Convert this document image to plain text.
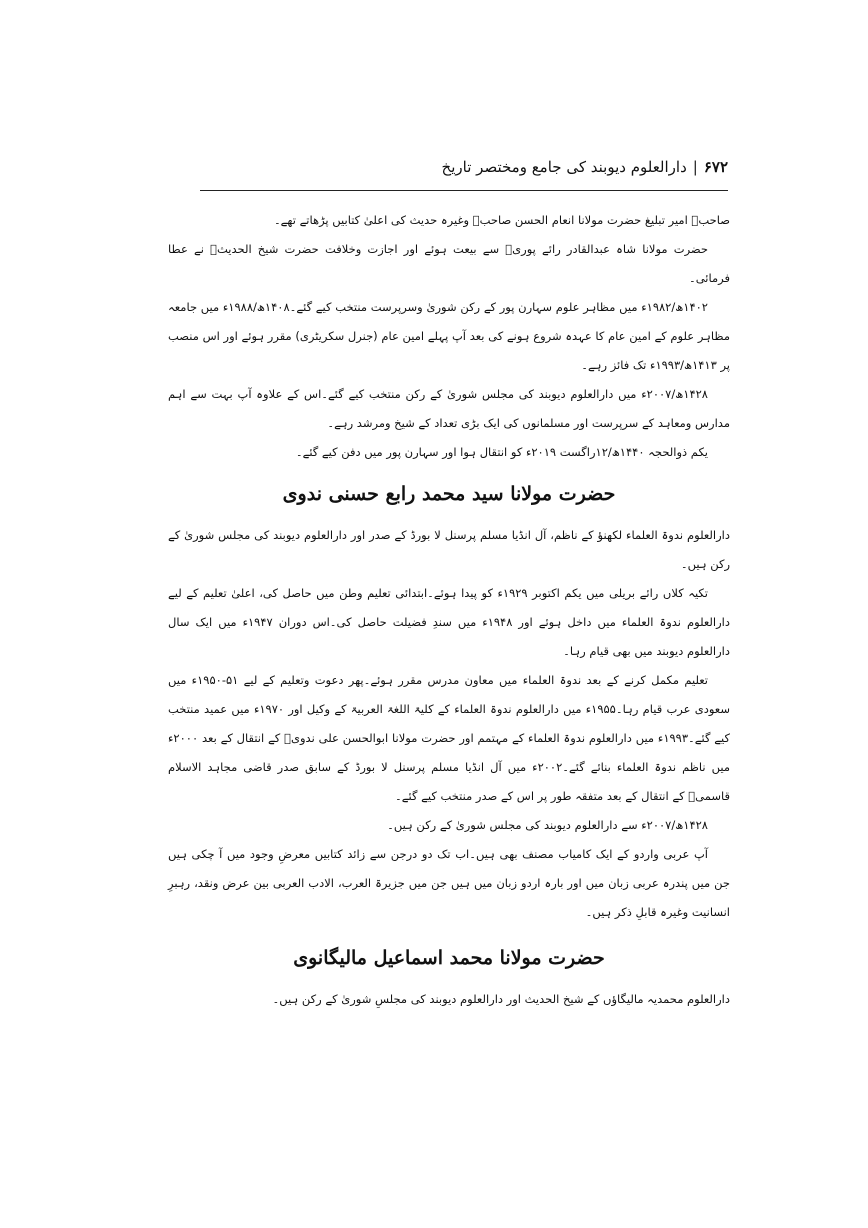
۶۷۲
|
دارالعلوم دیوبند کی جامع ومختصر تاریخ

صاحبؒ امیر تبلیغ حضرت مولانا انعام الحسن صاحبؒ وغیرہ حدیث کی اعلیٰ کتابیں پڑھاتے تھے۔

حضرت مولانا شاہ عبدالقادر رائے پوریؒ سے بیعت ہوئے اور اجازت وخلافت حضرت شیخ الحدیثؒ نے عطا فرمائی۔

۱۴۰۲ھ/۱۹۸۲ء میں مظاہر علوم سہارن پور کے رکن شوریٰ وسرپرست منتخب کیے گئے۔۱۴۰۸ھ/۱۹۸۸ء میں جامعہ مظاہر علوم کے امین عام کا عہدہ شروع ہونے کی بعد آپ پہلے امین عام (جنرل سکریٹری) مقرر ہوئے اور اس منصب پر ۱۴۱۳ھ/۱۹۹۳ء تک فائز رہے۔

۱۴۲۸ھ/۲۰۰۷ء میں دارالعلوم دیوبند کی مجلس شوریٰ کے رکن منتخب کیے گئے۔اس کے علاوہ آپ بہت سے اہم مدارس ومعاہد کے سرپرست اور مسلمانوں کی ایک بڑی تعداد کے شیخ ومرشد رہے۔

یکم ذوالحجہ ۱۴۴۰ھ/۱۲راگست ۲۰۱۹ء کو انتقال ہوا اور سہارن پور میں دفن کیے گئے۔

حضرت مولانا سید محمد رابع حسنی ندوی

دارالعلوم ندوۃ العلماء لکھنؤ کے ناظم، آل انڈیا مسلم پرسنل لا بورڈ کے صدر اور دارالعلوم دیوبند کی مجلس شوریٰ کے رکن ہیں۔

تکیہ کلاں رائے بریلی میں یکم اکتوبر ۱۹۲۹ء کو پیدا ہوئے۔ابتدائی تعلیم وطن میں حاصل کی، اعلیٰ تعلیم کے لیے دارالعلوم ندوۃ العلماء میں داخل ہوئے اور ۱۹۴۸ء میں سندِ فضیلت حاصل کی۔اس دوران ۱۹۴۷ء میں ایک سال دارالعلوم دیوبند میں بھی قیام رہا۔

تعلیم مکمل کرنے کے بعد ندوۃ العلماء میں معاون مدرس مقرر ہوئے۔پھر دعوت وتعلیم کے لیے ۵۱-۱۹۵۰ء میں سعودی عرب قیام رہا۔۱۹۵۵ء میں دارالعلوم ندوۃ العلماء کے کلیۃ اللغۃ العربیۃ کے وکیل اور ۱۹۷۰ء میں عمید منتخب کیے گئے۔۱۹۹۳ء میں دارالعلوم ندوۃ العلماء کے مہتمم اور حضرت مولانا ابوالحسن علی ندویؒ کے انتقال کے بعد ۲۰۰۰ء میں ناظم ندوۃ العلماء بنائے گئے۔۲۰۰۲ء میں آل انڈیا مسلم پرسنل لا بورڈ کے سابق صدر قاضی مجاہد الاسلام قاسمیؒ کے انتقال کے بعد متفقہ طور پر اس کے صدر منتخب کیے گئے۔

۱۴۲۸ھ/۲۰۰۷ء سے دارالعلوم دیوبند کی مجلس شوریٰ کے رکن ہیں۔

آپ عربی واردو کے ایک کامیاب مصنف بھی ہیں۔اب تک دو درجن سے زائد کتابیں معرضِ وجود میں آ چکی ہیں جن میں پندرہ عربی زبان میں اور بارہ اردو زبان میں ہیں جن میں جزیرۃ العرب، الادب العربی بین عرض ونقد، رہبرِ انسانیت وغیرہ قابلِ ذکر ہیں۔

حضرت مولانا محمد اسماعیل مالیگانوی

دارالعلوم محمدیہ مالیگاؤں کے شیخ الحدیث اور دارالعلوم دیوبند کی مجلسِ شوریٰ کے رکن ہیں۔
